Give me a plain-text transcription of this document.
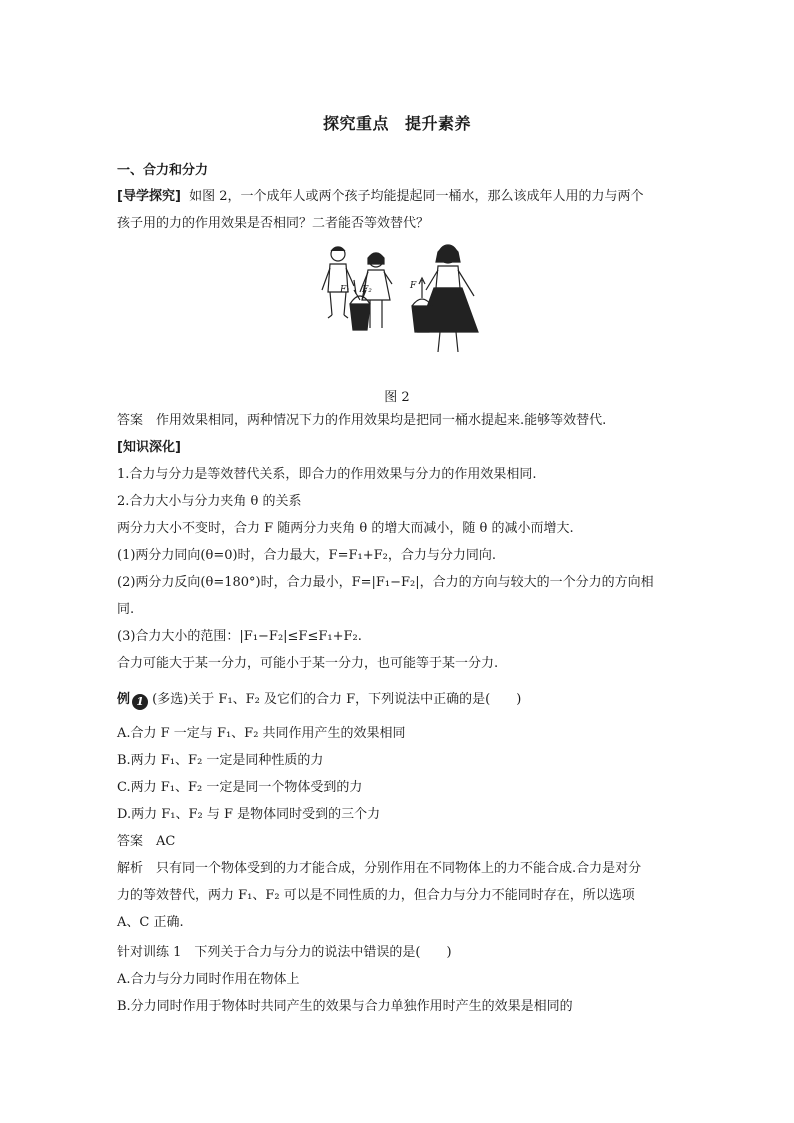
探究重点 提升素养
一、合力和分力
[导学探究] 如图 2，一个成年人或两个孩子均能提起同一桶水，那么该成年人用的力与两个
孩子用的力的作用效果是否相同？二者能否等效替代？
F₁ F₂	F
图 2
答案　作用效果相同，两种情况下力的作用效果均是把同一桶水提起来.能够等效替代.
[知识深化]
1.合力与分力是等效替代关系，即合力的作用效果与分力的作用效果相同.
2.合力大小与分力夹角 θ 的关系
两分力大小不变时，合力 F 随两分力夹角 θ 的增大而减小，随 θ 的减小而增大.
(1)两分力同向(θ=0)时，合力最大，F=F₁+F₂，合力与分力同向.
(2)两分力反向(θ=180°)时，合力最小，F=|F₁−F₂|，合力的方向与较大的一个分力的方向相
同.
(3)合力大小的范围：|F₁−F₂|≤F≤F₁+F₂.
合力可能大于某一分力，可能小于某一分力，也可能等于某一分力.
例 1 (多选)关于 F₁、F₂ 及它们的合力 F，下列说法中正确的是(　　)
A.合力 F 一定与 F₁、F₂ 共同作用产生的效果相同
B.两力 F₁、F₂ 一定是同种性质的力
C.两力 F₁、F₂ 一定是同一个物体受到的力
D.两力 F₁、F₂ 与 F 是物体同时受到的三个力
答案　AC
解析　只有同一个物体受到的力才能合成，分别作用在不同物体上的力不能合成.合力是对分
力的等效替代，两力 F₁、F₂ 可以是不同性质的力，但合力与分力不能同时存在，所以选项
A、C 正确.
针对训练 1　下列关于合力与分力的说法中错误的是(　　)
A.合力与分力同时作用在物体上
B.分力同时作用于物体时共同产生的效果与合力单独作用时产生的效果是相同的
